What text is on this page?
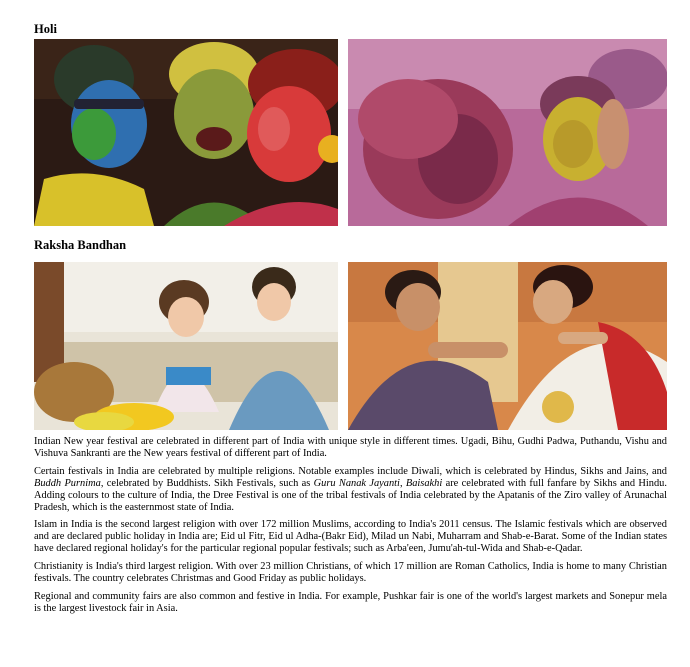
Holi
Raksha Bandhan

Indian New year festival are celebrated in different part of India with unique style in different times. Ugadi, Bihu, Gudhi Padwa, Puthandu, Vishu and Vishuva Sankranti are the New years festival of different part of India.

Certain festivals in India are celebrated by multiple religions. Notable examples include Diwali, which is celebrated by Hindus, Sikhs and Jains, and Buddh Purnima, celebrated by Buddhists. Sikh Festivals, such as Guru Nanak Jayanti, Baisakhi are celebrated with full fanfare by Sikhs and Hindu. Adding colours to the culture of India, the Dree Festival is one of the tribal festivals of India celebrated by the Apatanis of the Ziro valley of Arunachal Pradesh, which is the easternmost state of India.

Islam in India is the second largest religion with over 172 million Muslims, according to India's 2011 census. The Islamic festivals which are observed and are declared public holiday in India are; Eid ul Fitr, Eid ul Adha-(Bakr Eid), Milad un Nabi, Muharram and Shab-e-Barat. Some of the Indian states have declared regional holiday's for the particular regional popular festivals; such as Arba'een, Jumu'ah-tul-Wida and Shab-e-Qadar.

Christianity is India's third largest religion. With over 23 million Christians, of which 17 million are Roman Catholics, India is home to many Christian festivals. The country celebrates Christmas and Good Friday as public holidays.

Regional and community fairs are also common and festive in India. For example, Pushkar fair is one of the world's largest markets and Sonepur mela is the largest livestock fair in Asia.
